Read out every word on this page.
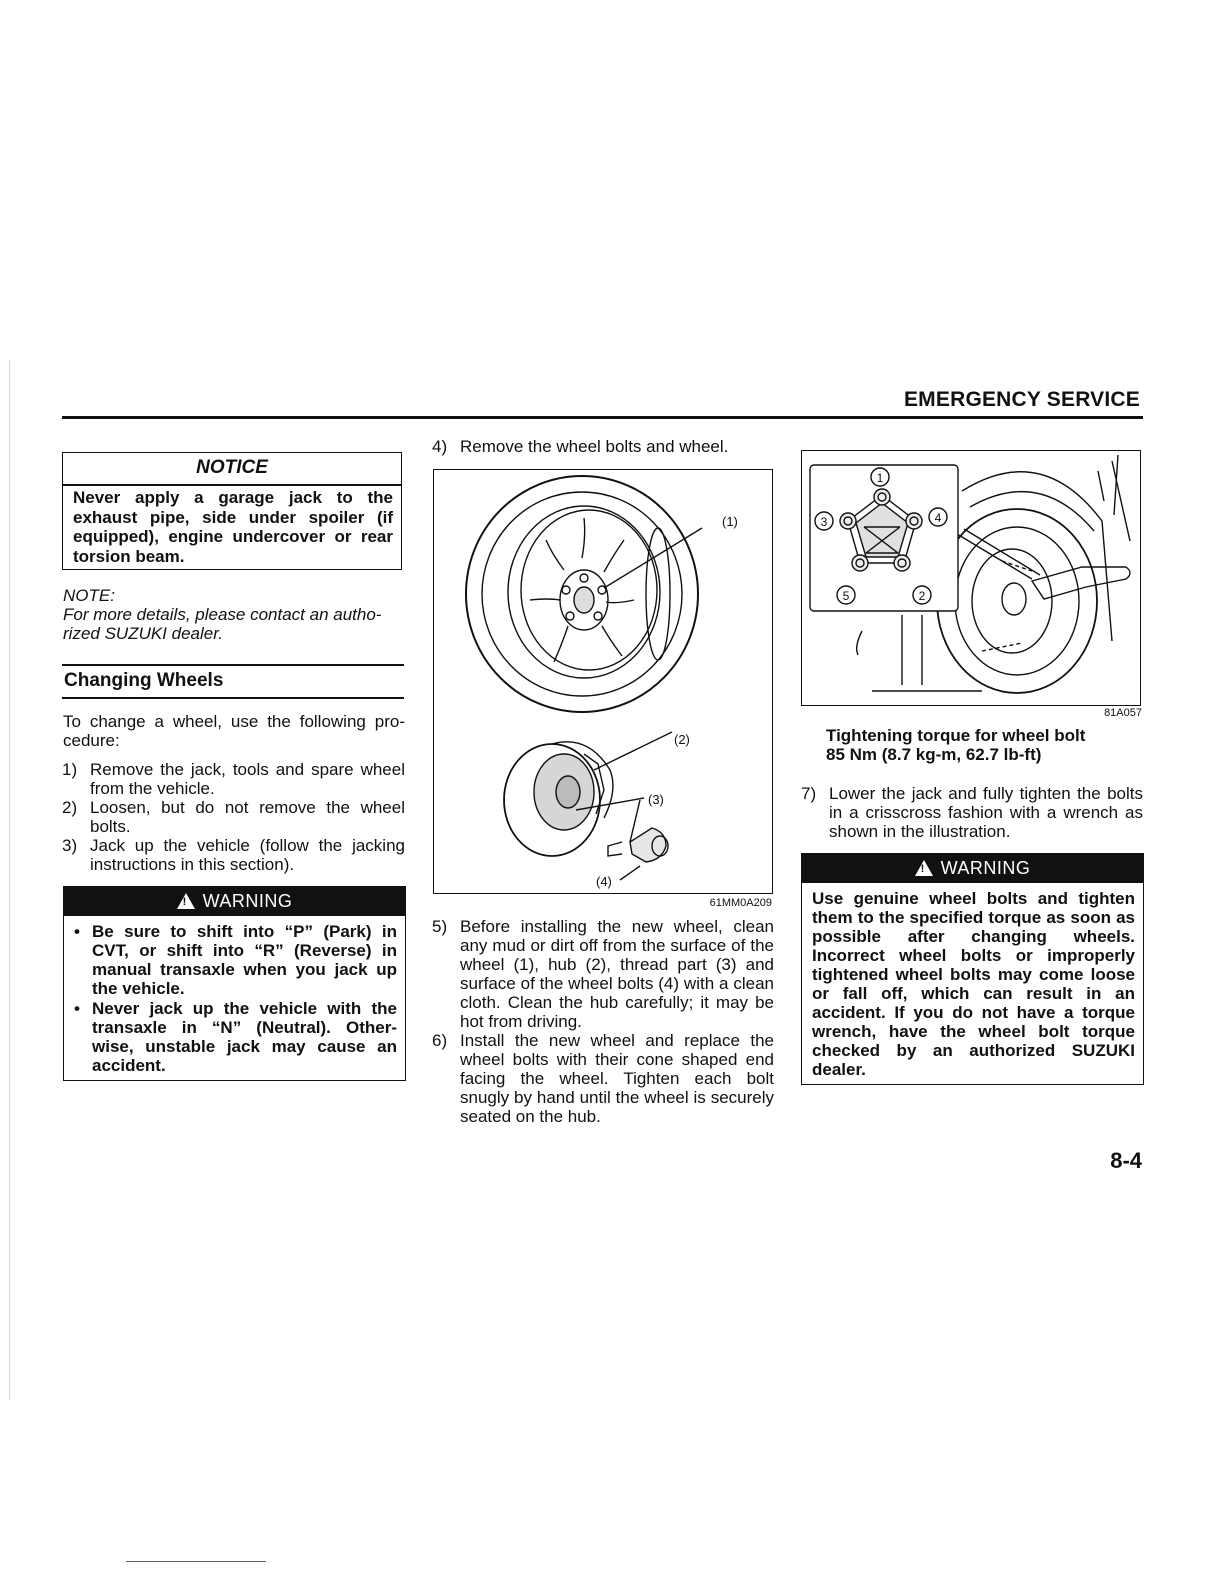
EMERGENCY SERVICE
NOTICE
Never apply a garage jack to the exhaust pipe, side under spoiler (if equipped), engine undercover or rear torsion beam.
NOTE:
For more details, please contact an autho-rized SUZUKI dealer.
Changing Wheels
To change a wheel, use the following pro-cedure:
1) Remove the jack, tools and spare wheel from the vehicle.
2) Loosen, but do not remove the wheel bolts.
3) Jack up the vehicle (follow the jacking instructions in this section).
!WARNING
• Be sure to shift into “P” (Park) in CVT, or shift into “R” (Reverse) in manual transaxle when you jack up the vehicle.
• Never jack up the vehicle with the transaxle in “N” (Neutral). Other-wise, unstable jack may cause an accident.
4) Remove the wheel bolts and wheel.
(1)
(2)
(3)
(4)
61MM0A209
5) Before installing the new wheel, clean any mud or dirt off from the surface of the wheel (1), hub (2), thread part (3) and surface of the wheel bolts (4) with a clean cloth. Clean the hub carefully; it may be hot from driving.
6) Install the new wheel and replace the wheel bolts with their cone shaped end facing the wheel. Tighten each bolt snugly by hand until the wheel is securely seated on the hub.
1
2
3	4
5
81A057
Tightening torque for wheel bolt
85 Nm (8.7 kg-m, 62.7 lb-ft)
7) Lower the jack and fully tighten the bolts in a crisscross fashion with a wrench as shown in the illustration.
!WARNING
Use genuine wheel bolts and tighten them to the specified torque as soon as possible after changing wheels. Incorrect wheel bolts or improperly tightened wheel bolts may come loose or fall off, which can result in an accident. If you do not have a torque wrench, have the wheel bolt torque checked by an authorized SUZUKI dealer.
8-4
